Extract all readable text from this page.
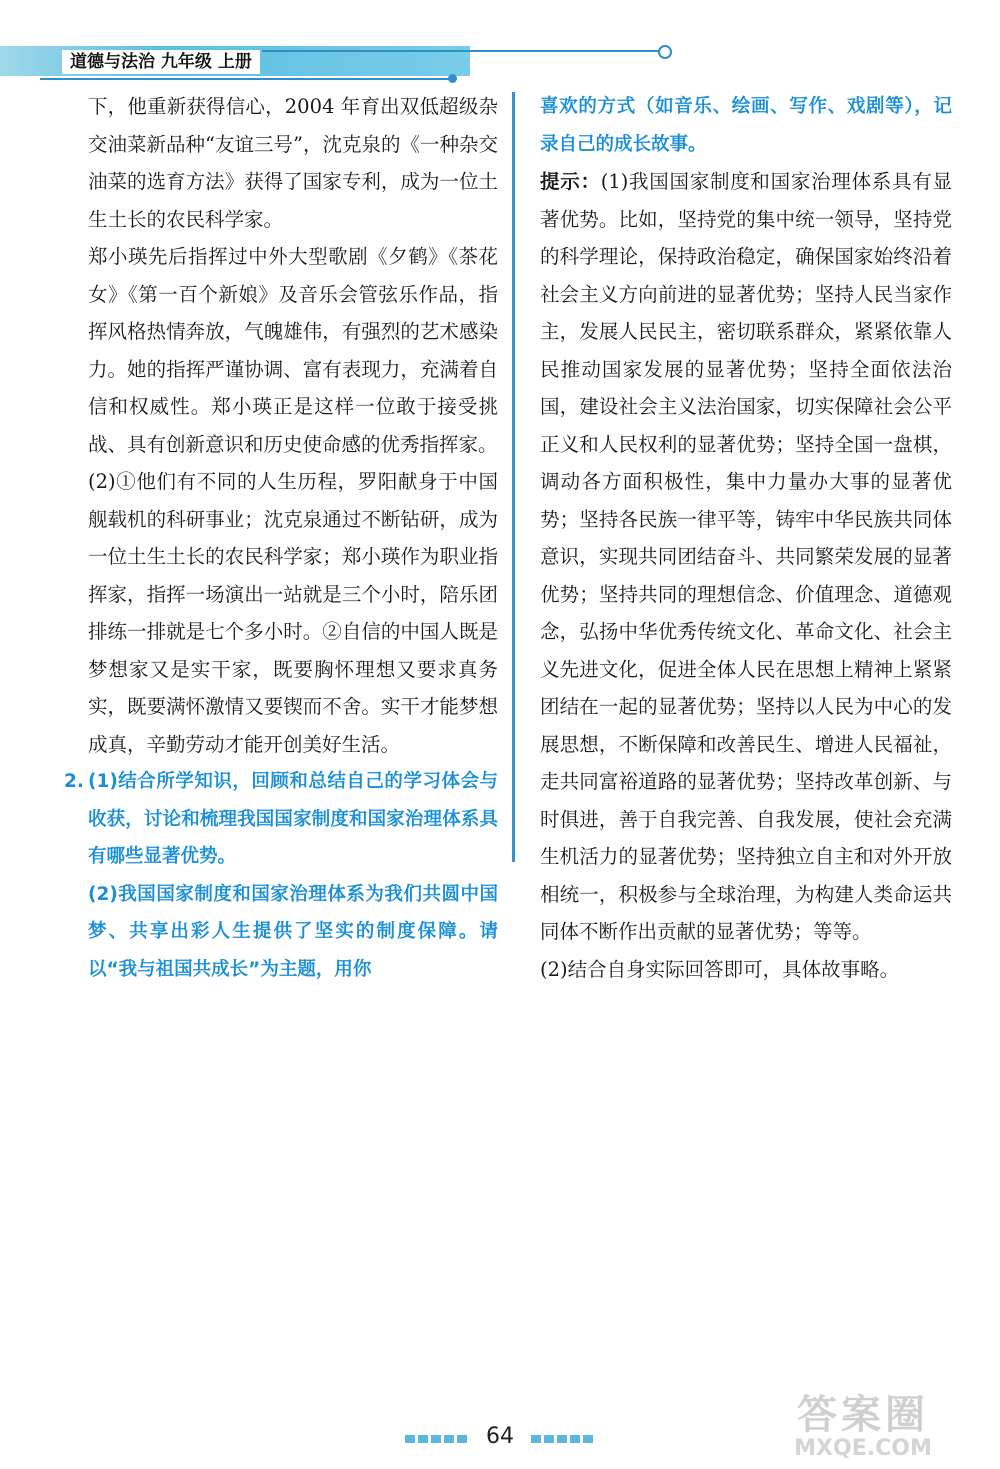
道德与法治 九年级 上册

下，他重新获得信心，2004 年育出双低超级杂交油菜新品种“友谊三号”，沈克泉的《一种杂交油菜的选育方法》获得了国家专利，成为一位土生土长的农民科学家。

郑小瑛先后指挥过中外大型歌剧《夕鹤》《茶花女》《第一百个新娘》及音乐会管弦乐作品，指挥风格热情奔放，气魄雄伟，有强烈的艺术感染力。她的指挥严谨协调、富有表现力，充满着自信和权威性。郑小瑛正是这样一位敢于接受挑战、具有创新意识和历史使命感的优秀指挥家。

(2)①他们有不同的人生历程，罗阳献身于中国舰载机的科研事业；沈克泉通过不断钻研，成为一位土生土长的农民科学家；郑小瑛作为职业指挥家，指挥一场演出一站就是三个小时，陪乐团排练一排就是七个多小时。②自信的中国人既是梦想家又是实干家，既要胸怀理想又要求真务实，既要满怀激情又要锲而不舍。实干才能梦想成真，辛勤劳动才能开创美好生活。

2. (1)结合所学知识，回顾和总结自己的学习体会与收获，讨论和梳理我国国家制度和国家治理体系具有哪些显著优势。

(2)我国国家制度和国家治理体系为我们共圆中国梦、共享出彩人生提供了坚实的制度保障。请以“我与祖国共成长”为主题，用你

喜欢的方式（如音乐、绘画、写作、戏剧等），记录自己的成长故事。

提示：(1)我国国家制度和国家治理体系具有显著优势。比如，坚持党的集中统一领导，坚持党的科学理论，保持政治稳定，确保国家始终沿着社会主义方向前进的显著优势；坚持人民当家作主，发展人民民主，密切联系群众，紧紧依靠人民推动国家发展的显著优势；坚持全面依法治国，建设社会主义法治国家，切实保障社会公平正义和人民权利的显著优势；坚持全国一盘棋，调动各方面积极性，集中力量办大事的显著优势；坚持各民族一律平等，铸牢中华民族共同体意识，实现共同团结奋斗、共同繁荣发展的显著优势；坚持共同的理想信念、价值理念、道德观念，弘扬中华优秀传统文化、革命文化、社会主义先进文化，促进全体人民在思想上精神上紧紧团结在一起的显著优势；坚持以人民为中心的发展思想，不断保障和改善民生、增进人民福祉，走共同富裕道路的显著优势；坚持改革创新、与时俱进，善于自我完善、自我发展，使社会充满生机活力的显著优势；坚持独立自主和对外开放相统一，积极参与全球治理，为构建人类命运共同体不断作出贡献的显著优势；等等。

(2)结合自身实际回答即可，具体故事略。

64	答案圈
MXQE.COM
